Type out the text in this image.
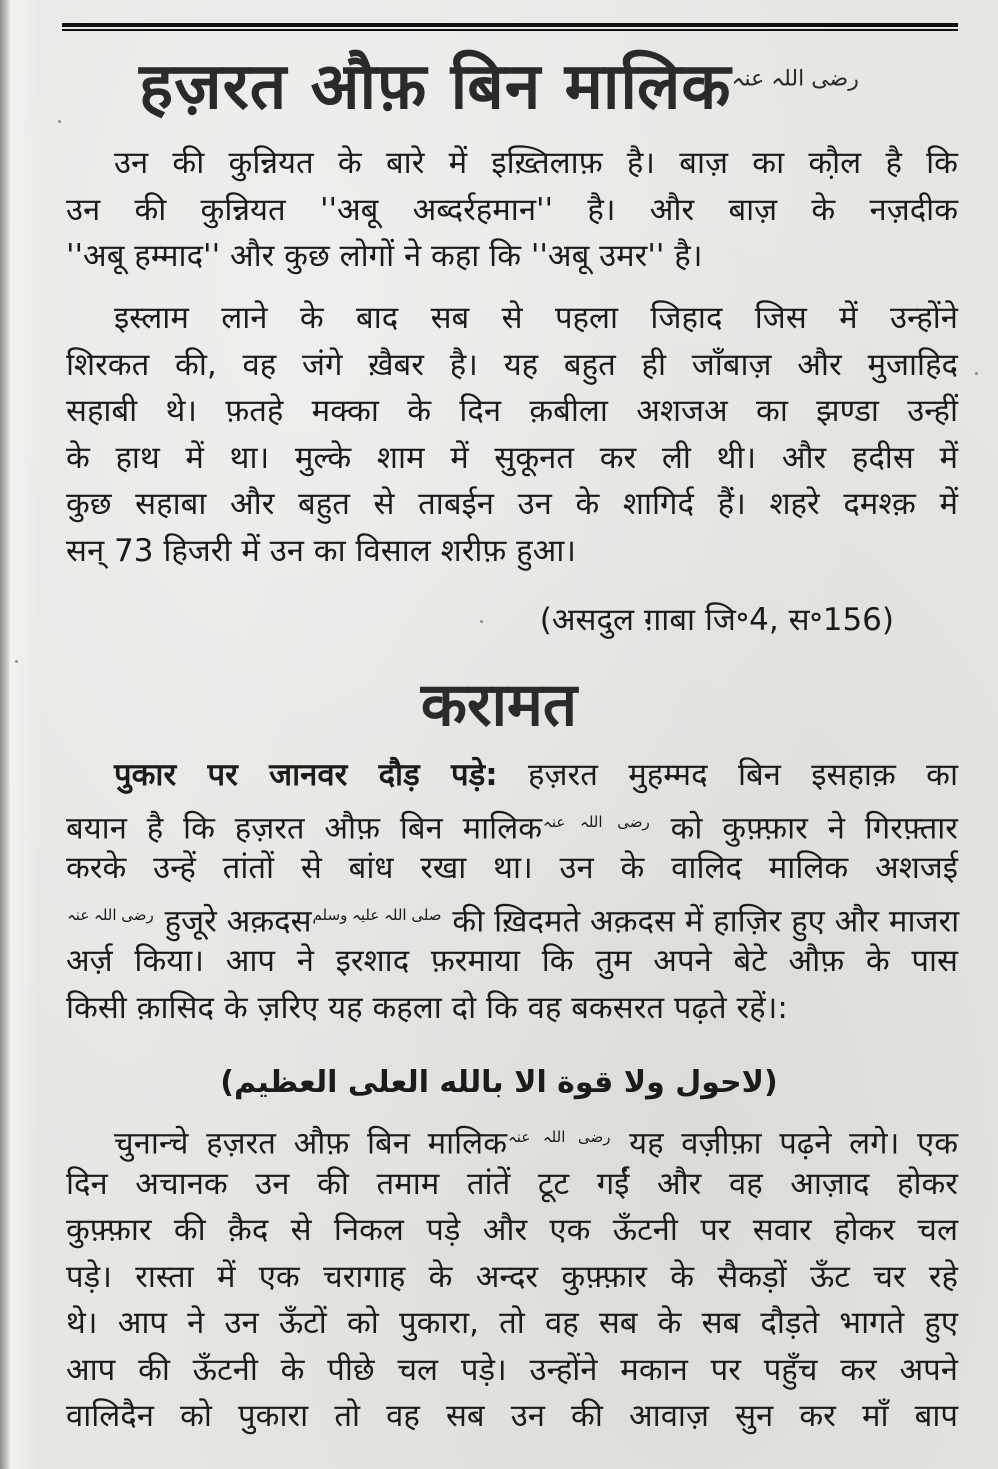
हज़रत औफ़ बिन मालिक$^{رضی اللہ عنہ}$
उन की कुन्नियत के बारे में इख़्तिलाफ़ है। बाज़ का कौ़ल है कि
उन की कुन्नियत ''अबू अब्दर्रहमान'' है। और बाज़ के नज़दीक
''अबू हम्माद'' और कुछ लोगों ने कहा कि ''अबू उमर'' है।
इस्लाम लाने के बाद सब से पहला जिहाद जिस में उन्होंने
शिरकत की, वह जंगे ख़ैबर है। यह बहुत ही जाँबाज़ और मुजाहिद
सहाबी थे। फ़तहे मक्का के दिन क़बीला अशजअ का झण्डा उन्हीं
के हाथ में था। मुल्के शाम में सुकूनत कर ली थी। और हदीस में
कुछ सहाबा और बहुत से ताबईन उन के शागिर्द हैं। शहरे दमश्क़ में
सन् 73 हिजरी में उन का विसाल शरीफ़ हुआ।
(असदुल ग़ाबा जि॰4, स॰156)
करामत
पुकार पर जानवर दौड़ पड़े: हज़रत मुहम्मद बिन इसहाक़ का
बयान है कि हज़रत औफ़ बिन मालिक$^{رضی اللہ عنہ}$ को कुफ़्फ़ार ने गिरफ़्तार
करके उन्हें तांतों से बांध रखा था। उन के वालिद मालिक अशजई
$^{رضی اللہ عنہ}$ हुजूरे अक़दस$^{صلی اللہ علیہ وسلم}$ की ख़िदमते अक़दस में हाज़िर हुए और माजरा
अर्ज़ किया। आप ने इरशाद फ़रमाया कि तुम अपने बेटे औफ़ के पास
किसी क़ासिद के ज़रिए यह कहला दो कि वह बकसरत पढ़ते रहें।:
(لاحول ولا قوة الا بالله العلى العظيم)
चुनान्चे हज़रत औफ़ बिन मालिक$^{رضی اللہ عنہ}$ यह वज़ीफ़ा पढ़ने लगे। एक
दिन अचानक उन की तमाम तांतें टूट गईं और वह आज़ाद होकर
कुफ़्फ़ार की क़ैद से निकल पड़े और एक ऊँटनी पर सवार होकर चल
पड़े। रास्ता में एक चरागाह के अन्दर कुफ़्फ़ार के सैकड़ों ऊँट चर रहे
थे। आप ने उन ऊँटों को पुकारा, तो वह सब के सब दौड़ते भागते हुए
आप की ऊँटनी के पीछे चल पड़े। उन्होंने मकान पर पहुँच कर अपने
वालिदैन को पुकारा तो वह सब उन की आवाज़ सुन कर माँ बाप
